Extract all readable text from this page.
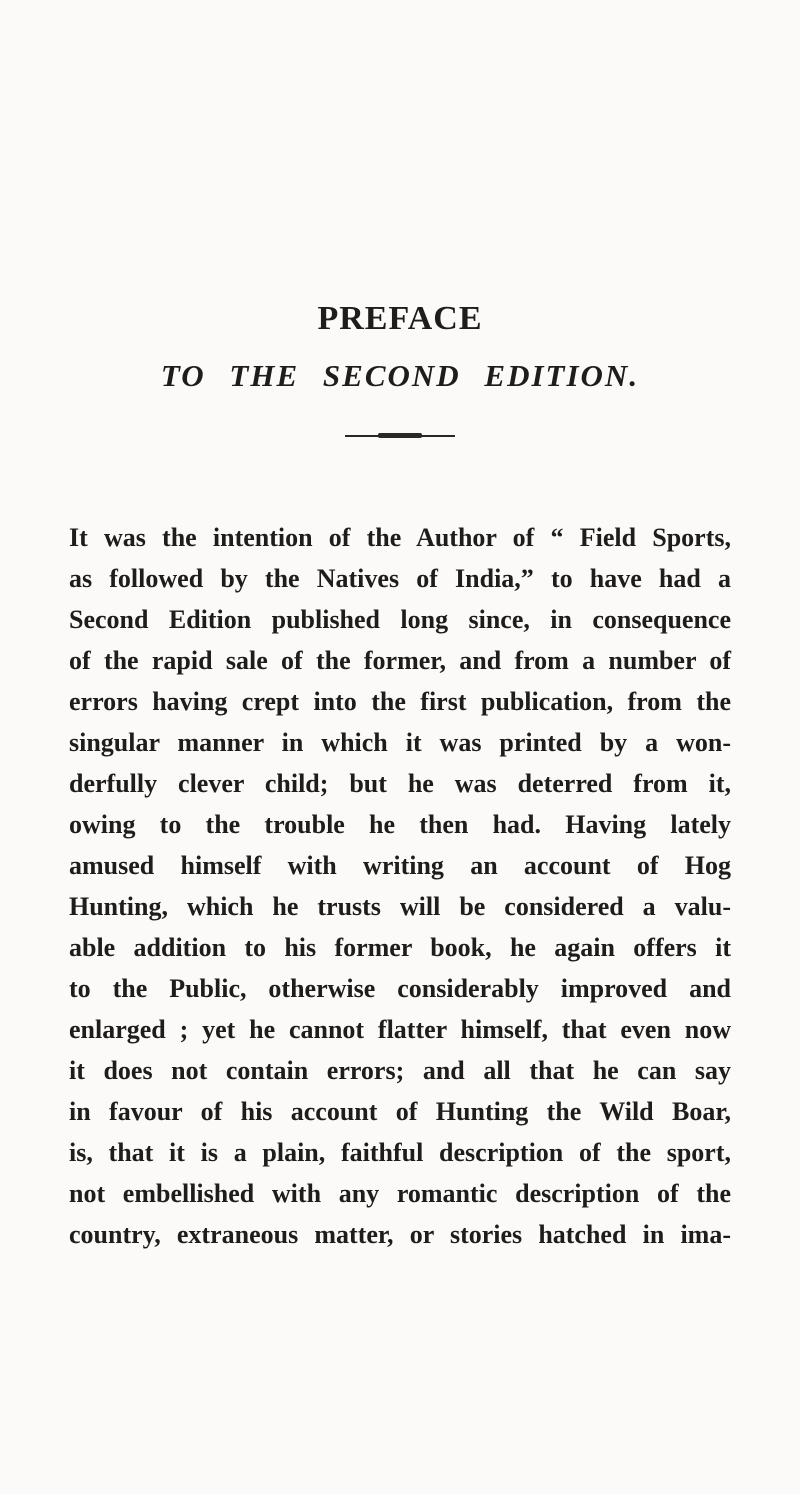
PREFACE
TO THE SECOND EDITION.
It was the intention of the Author of “ Field Sports,
as followed by the Natives of India,” to have had a
Second Edition published long since, in consequence
of the rapid sale of the former, and from a number of
errors having crept into the first publication, from the
singular manner in which it was printed by a won-
derfully clever child; but he was deterred from it,
owing to the trouble he then had. Having lately
amused himself with writing an account of Hog
Hunting, which he trusts will be considered a valu-
able addition to his former book, he again offers it
to the Public, otherwise considerably improved and
enlarged ; yet he cannot flatter himself, that even now
it does not contain errors; and all that he can say
in favour of his account of Hunting the Wild Boar,
is, that it is a plain, faithful description of the sport,
not embellished with any romantic description of the
country, extraneous matter, or stories hatched in ima-
